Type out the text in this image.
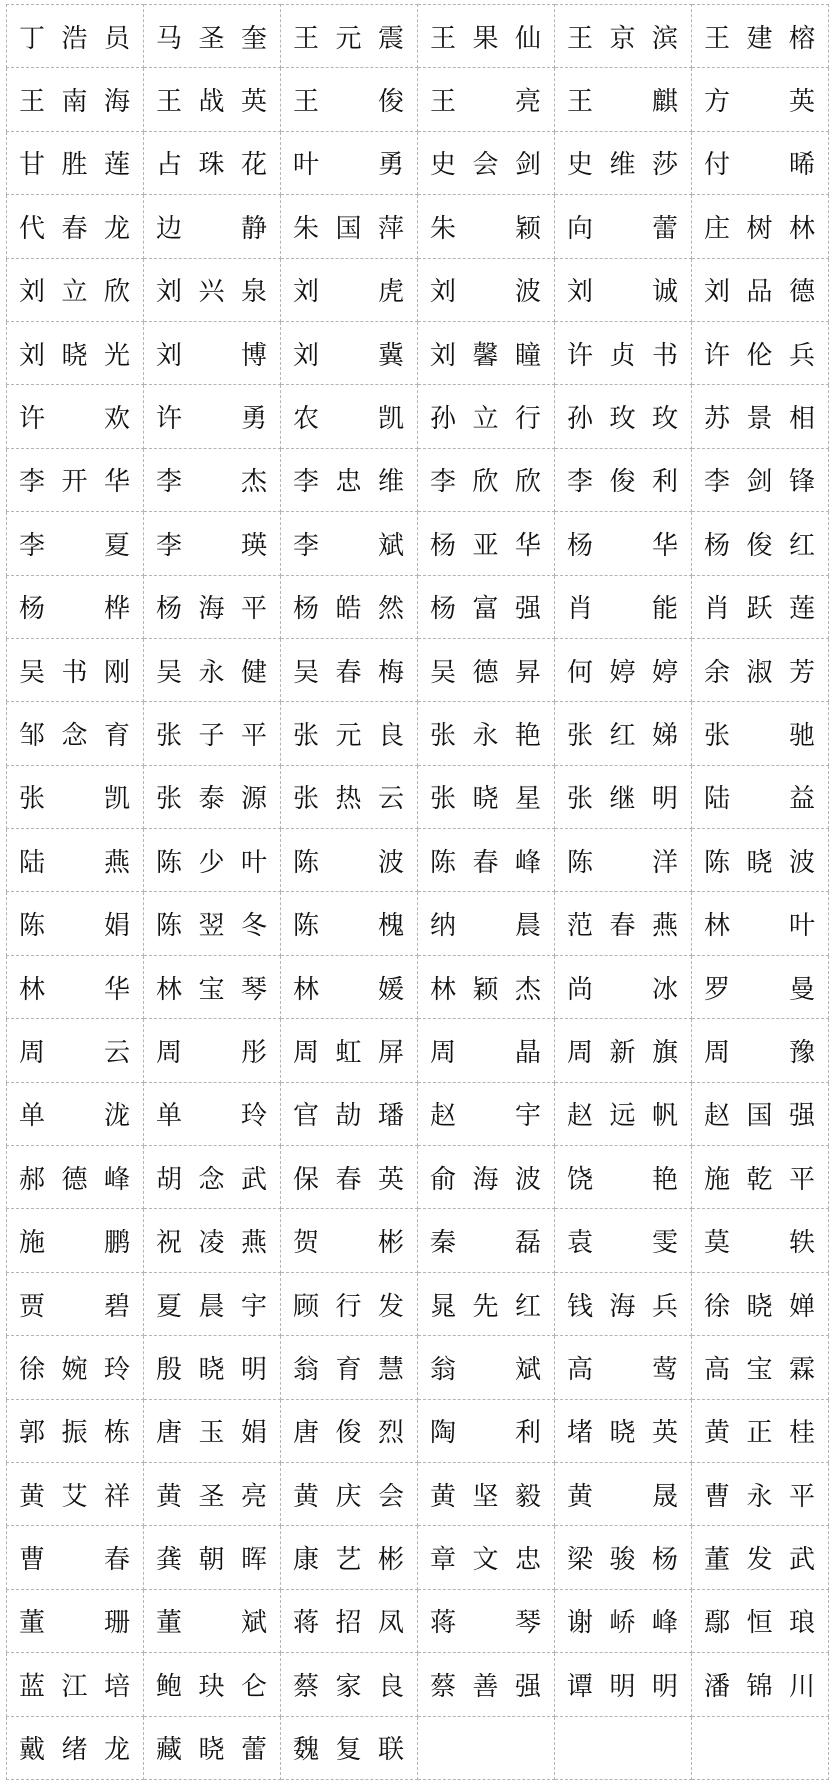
丁浩员	马圣奎	王元震	王果仙	王京滨	王建榕
王南海	王战英	王 俊	王 亮	王 麒	方 英
甘胜莲	占珠花	叶 勇	史会剑	史维莎	付 晞
代春龙	边 静	朱国萍	朱 颖	向 蕾	庄树林
刘立欣	刘兴泉	刘 虎	刘 波	刘 诚	刘品德
刘晓光	刘 博	刘 冀	刘馨瞳	许贞书	许伦兵
许 欢	许 勇	农 凯	孙立行	孙玫玫	苏景相
李开华	李 杰	李忠维	李欣欣	李俊利	李剑锋
李 夏	李 瑛	李 斌	杨亚华	杨 华	杨俊红
杨 桦	杨海平	杨皓然	杨富强	肖 能	肖跃莲
吴书刚	吴永健	吴春梅	吴德昇	何婷婷	余淑芳
邹念育	张子平	张元良	张永艳	张红娣	张 驰
张 凯	张泰源	张热云	张晓星	张继明	陆 益
陆 燕	陈少叶	陈 波	陈春峰	陈 洋	陈晓波
陈 娟	陈翌冬	陈 槐	纳 晨	范春燕	林 叶
林 华	林宝琴	林 媛	林颖杰	尚 冰	罗 曼
周 云	周 彤	周虹屏	周 晶	周新旗	周 豫
单 泷	单 玲	官劼璠	赵 宇	赵远帆	赵国强
郝德峰	胡念武	保春英	俞海波	饶 艳	施乾平
施 鹏	祝凌燕	贺 彬	秦 磊	袁 雯	莫 轶
贾 碧	夏晨宇	顾行发	晁先红	钱海兵	徐晓婵
徐婉玲	殷晓明	翁育慧	翁 斌	高 莺	高宝霖
郭振栋	唐玉娟	唐俊烈	陶 利	堵晓英	黄正桂
黄艾祥	黄圣亮	黄庆会	黄坚毅	黄 晟	曹永平
曹 春	龚朝晖	康艺彬	章文忠	梁骏杨	董发武
董 珊	董 斌	蒋招凤	蒋 琴	谢峤峰	鄢恒琅
蓝江培	鲍玦仑	蔡家良	蔡善强	谭明明	潘锦川
戴绪龙	藏晓蕾	魏复联			
